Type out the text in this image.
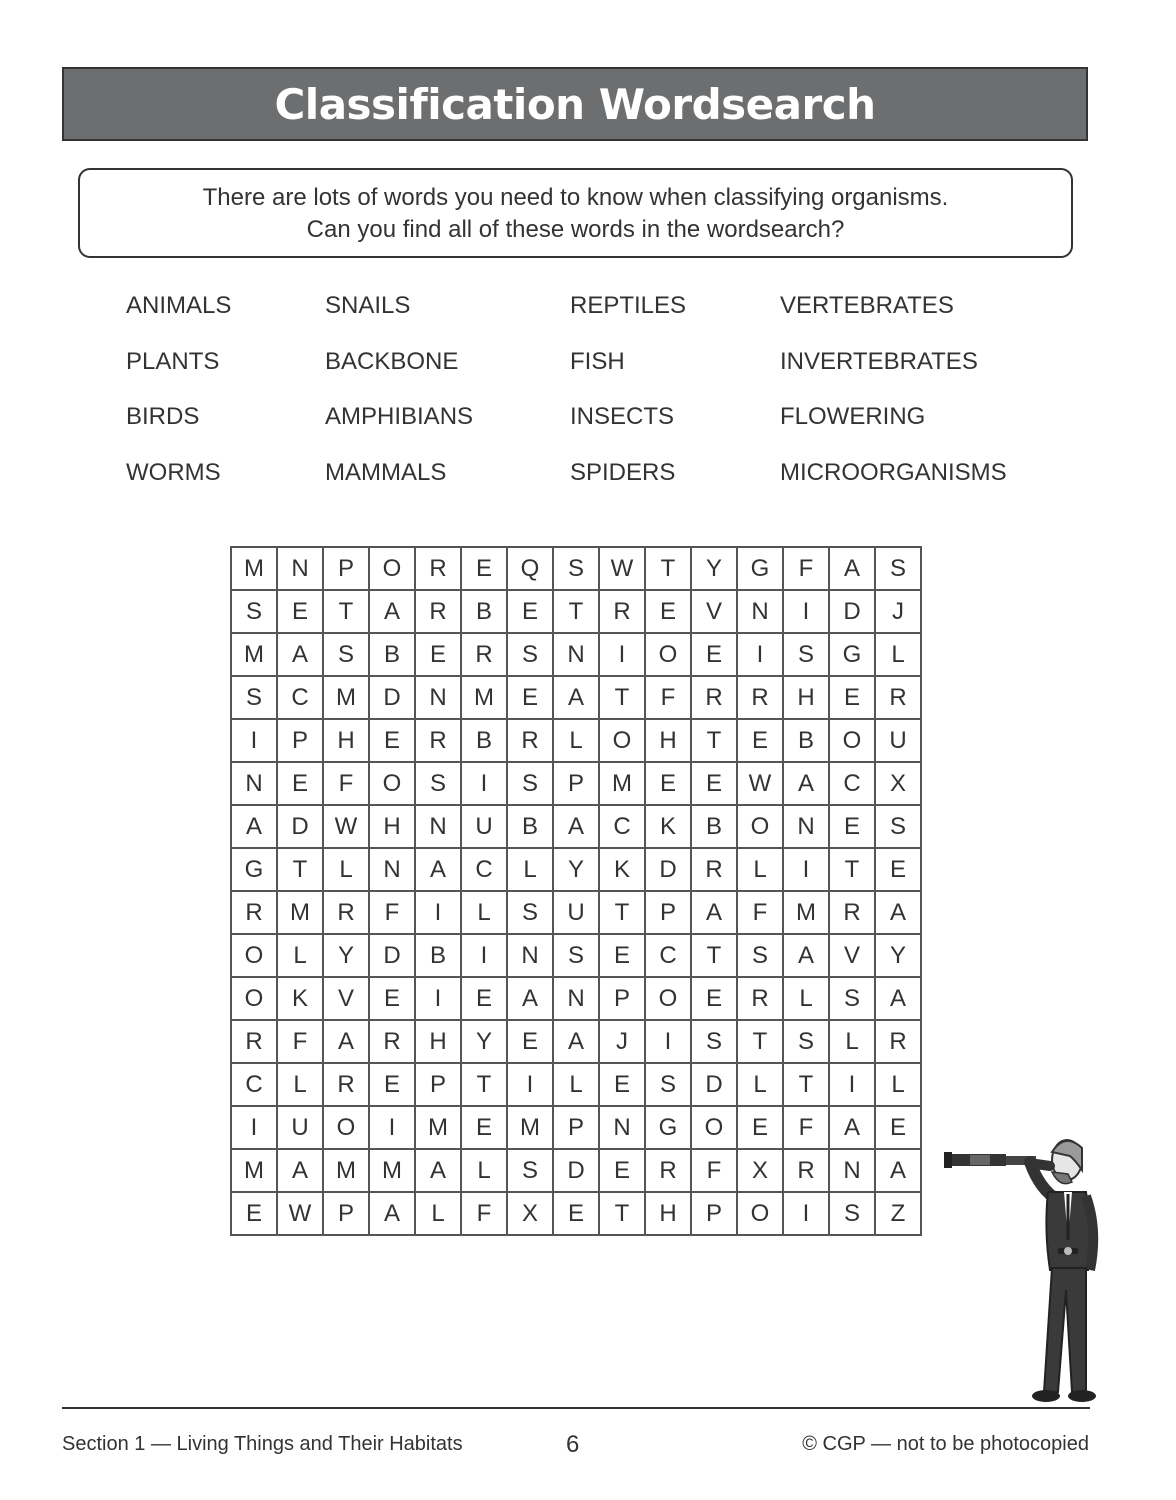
Classification Wordsearch
There are lots of words you need to know when classifying organisms.
Can you find all of these words in the wordsearch?
ANIMALS	SNAILS	REPTILES	VERTEBRATES
PLANTS	BACKBONE	FISH	INVERTEBRATES
BIRDS	AMPHIBIANS	INSECTS	FLOWERING
WORMS	MAMMALS	SPIDERS	MICROORGANISMS
M	N	P	O	R	E	Q	S	W	T	Y	G	F	A	S
S	E	T	A	R	B	E	T	R	E	V	N	I	D	J
M	A	S	B	E	R	S	N	I	O	E	I	S	G	L
S	C	M	D	N	M	E	A	T	F	R	R	H	E	R
I	P	H	E	R	B	R	L	O	H	T	E	B	O	U
N	E	F	O	S	I	S	P	M	E	E	W	A	C	X
A	D	W	H	N	U	B	A	C	K	B	O	N	E	S
G	T	L	N	A	C	L	Y	K	D	R	L	I	T	E
R	M	R	F	I	L	S	U	T	P	A	F	M	R	A
O	L	Y	D	B	I	N	S	E	C	T	S	A	V	Y
O	K	V	E	I	E	A	N	P	O	E	R	L	S	A
R	F	A	R	H	Y	E	A	J	I	S	T	S	L	R
C	L	R	E	P	T	I	L	E	S	D	L	T	I	L
I	U	O	I	M	E	M	P	N	G	O	E	F	A	E
M	A	M	M	A	L	S	D	E	R	F	X	R	N	A
E	W	P	A	L	F	X	E	T	H	P	O	I	S	Z
Section 1 — Living Things and Their Habitats	6	© CGP — not to be photocopied
